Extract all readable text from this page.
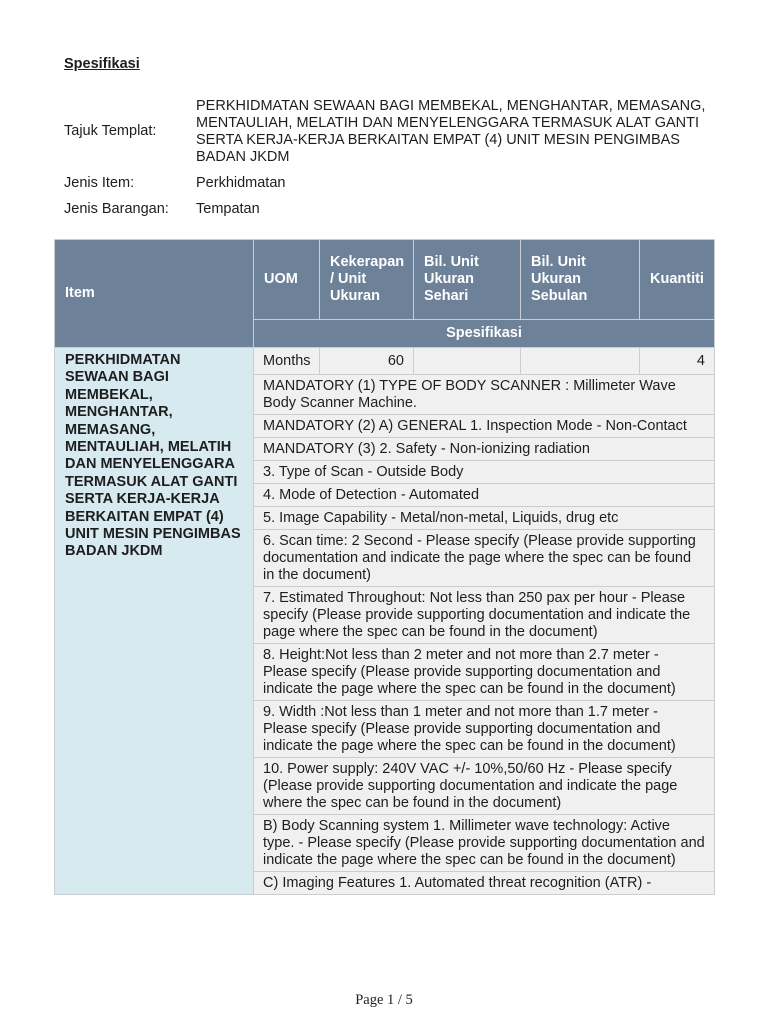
Spesifikasi
Tajuk Templat:
PERKHIDMATAN SEWAAN BAGI MEMBEKAL, MENGHANTAR, MEMASANG, MENTAULIAH, MELATIH DAN MENYELENGGARA TERMASUK ALAT GANTI SERTA KERJA-KERJA BERKAITAN EMPAT (4) UNIT MESIN PENGIMBAS BADAN JKDM
Jenis Item:	Perkhidmatan
Jenis Barangan: Tempatan
Item	UOM	Kekerapan / Unit Ukuran	Bil. Unit Ukuran Sehari	Bil. Unit Ukuran Sebulan	Kuantiti
	Spesifikasi				
PERKHIDMATAN SEWAAN BAGI MEMBEKAL, MENGHANTAR, MEMASANG, MENTAULIAH, MELATIH DAN MENYELENGGARA TERMASUK ALAT GANTI SERTA KERJA-KERJA BERKAITAN EMPAT (4) UNIT MESIN PENGIMBAS BADAN JKDM	Months	60			4
	MANDATORY (1) TYPE OF BODY SCANNER : Millimeter Wave Body Scanner Machine.				
	MANDATORY (2) A) GENERAL 1. Inspection Mode - Non-Contact				
	MANDATORY (3) 2. Safety - Non-ionizing radiation				
	3. Type of Scan - Outside Body				
	4. Mode of Detection - Automated				
	5. Image Capability - Metal/non-metal, Liquids, drug etc				
	6. Scan time: 2 Second - Please specify (Please provide supporting documentation and indicate the page where the spec can be found in the document)				
	7. Estimated Throughout: Not less than 250 pax per hour - Please specify (Please provide supporting documentation and indicate the page where the spec can be found in the document)				
	8. Height:Not less than 2 meter and not more than 2.7 meter - Please specify (Please provide supporting documentation and indicate the page where the spec can be found in the document)				
	9. Width :Not less than 1 meter and not more than 1.7 meter - Please specify (Please provide supporting documentation and indicate the page where the spec can be found in the document)				
	10. Power supply: 240V VAC +/- 10%,50/60 Hz - Please specify (Please provide supporting documentation and indicate the page where the spec can be found in the document)				
	B) Body Scanning system 1. Millimeter wave technology: Active type. - Please specify (Please provide supporting documentation and indicate the page where the spec can be found in the document)				
	C) Imaging Features 1. Automated threat recognition (ATR) -				
Page 1 / 5
